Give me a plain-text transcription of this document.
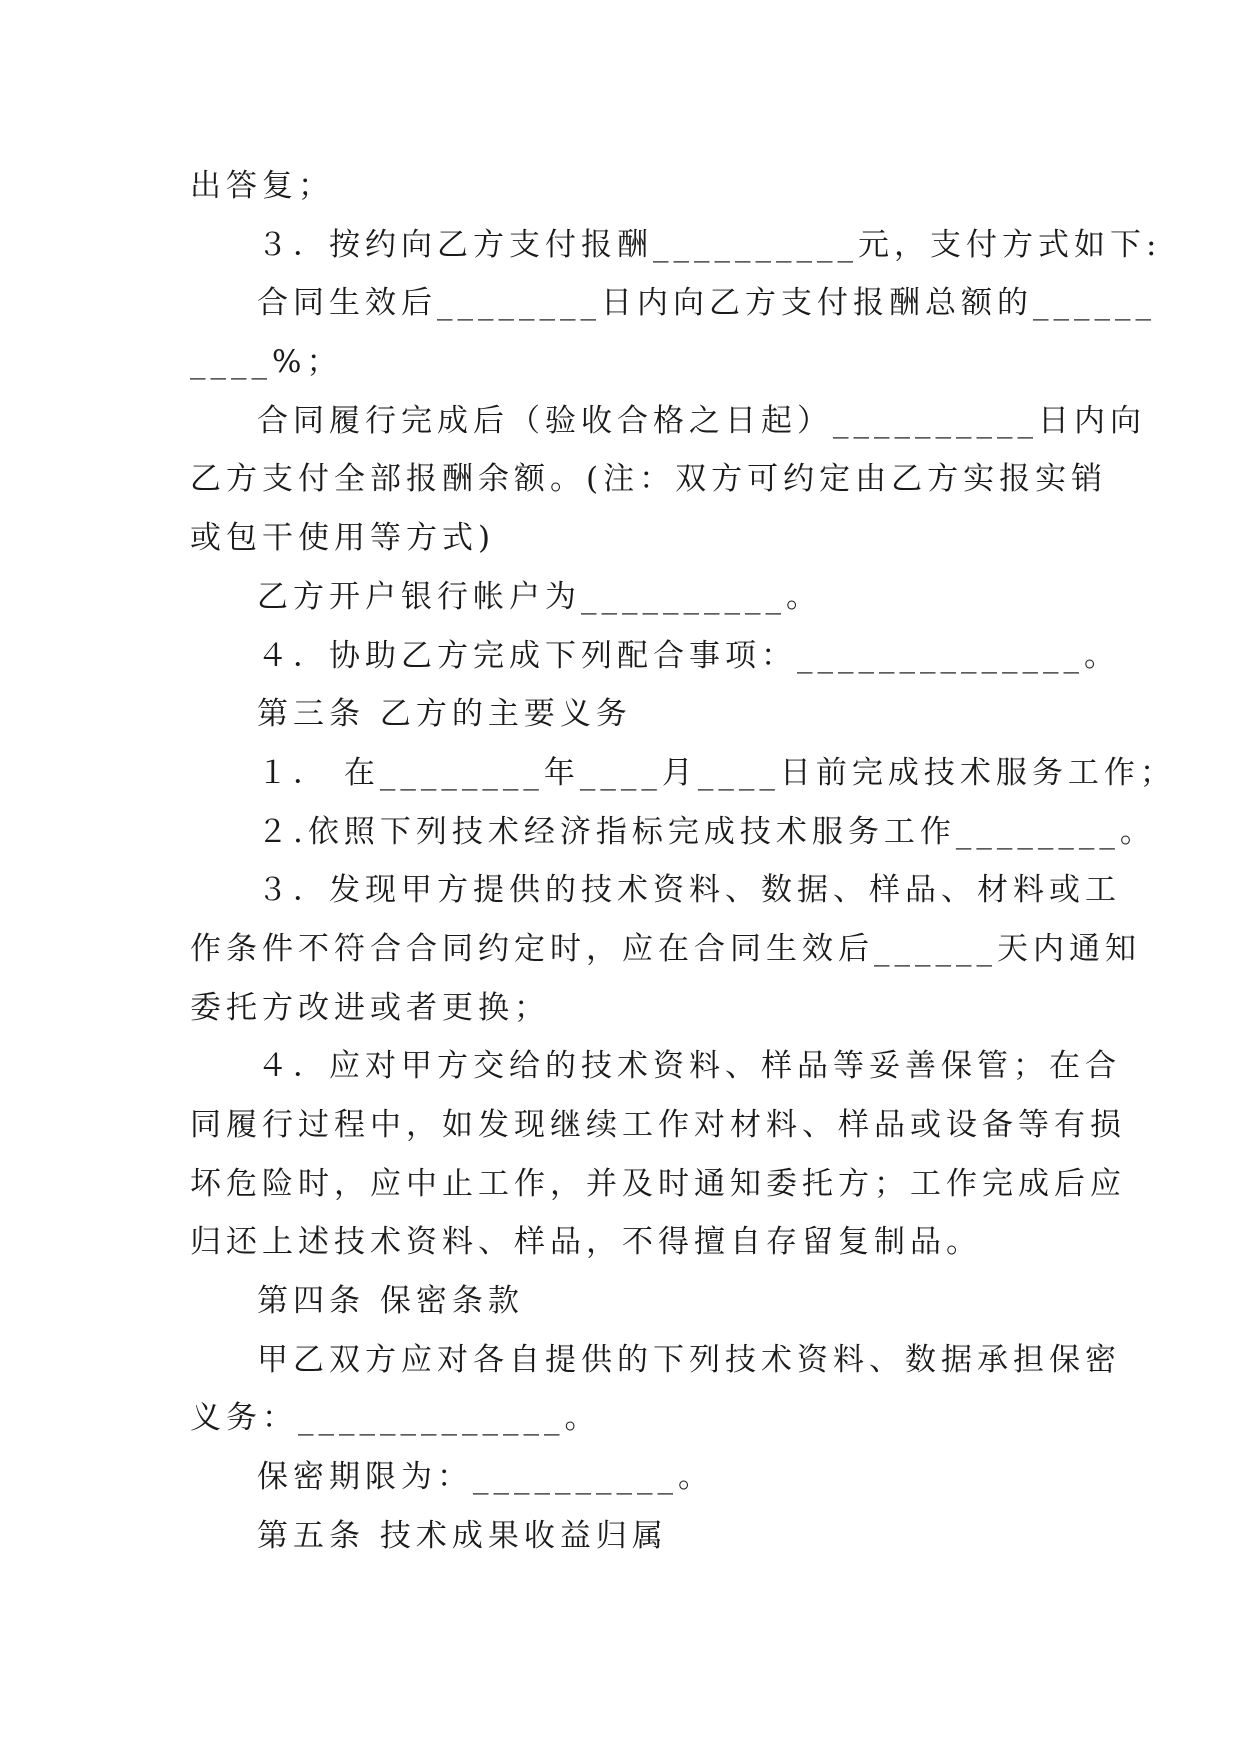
出答复；
３．按约向乙方支付报酬__________元，支付方式如下:
合同生效后________日内向乙方支付报酬总额的______
____%；
合同履行完成后（验收合格之日起）__________日内向
乙方支付全部报酬余额。(注：双方可约定由乙方实报实销
或包干使用等方式)
乙方开户银行帐户为__________。
４．协助乙方完成下列配合事项：______________。
第三条 乙方的主要义务
１． 在________年____月____日前完成技术服务工作；
２.依照下列技术经济指标完成技术服务工作________。
３．发现甲方提供的技术资料、数据、样品、材料或工
作条件不符合合同约定时，应在合同生效后______天内通知
委托方改进或者更换；
４．应对甲方交给的技术资料、样品等妥善保管；在合
同履行过程中，如发现继续工作对材料、样品或设备等有损
坏危险时，应中止工作，并及时通知委托方；工作完成后应
归还上述技术资料、样品，不得擅自存留复制品。
第四条 保密条款
甲乙双方应对各自提供的下列技术资料、数据承担保密
义务：_____________。
保密期限为：__________。
第五条 技术成果收益归属
